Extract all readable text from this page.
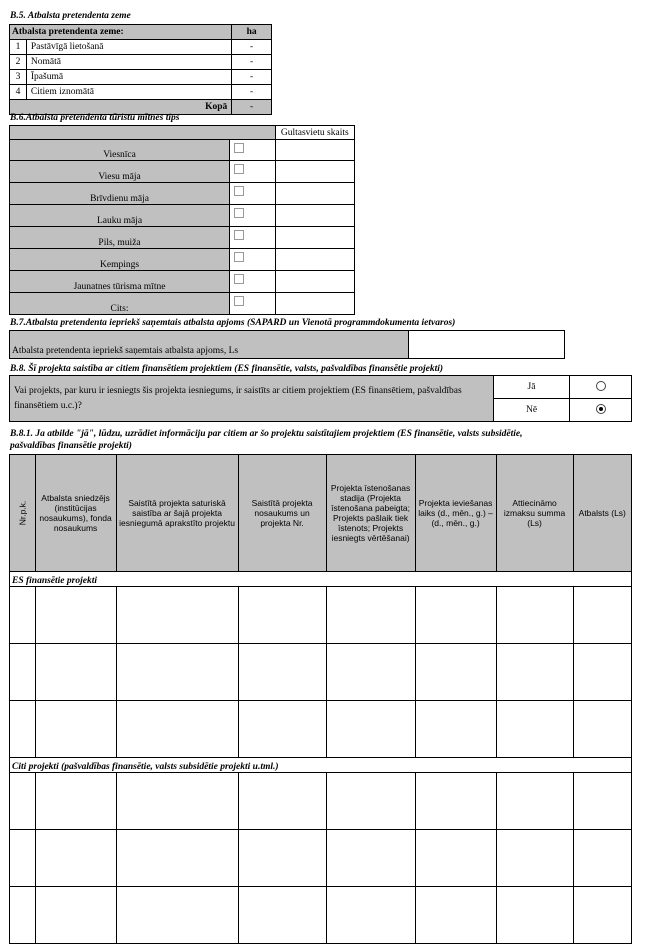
B.5. Atbalsta pretendenta zeme
Atbalsta pretendenta zeme:		ha
1	Pastāvīgā lietošanā	-
2	Nomātā	-
3	Īpašumā	-
4	Citiem iznomātā	-
Kopā		-
B.6.Atbalsta pretendenta tūristu mītnes tips
		Gultasvietu skaits
Viesnīca		
Viesu māja		
Brīvdienu māja		
Lauku māja		
Pils, muiža		
Kempings		
Jaunatnes tūrisma mītne		
Cits:		
B.7.Atbalsta pretendenta iepriekš saņemtais atbalsta apjoms (SAPARD un Vienotā programmdokumenta ietvaros)
Atbalsta pretendenta iepriekš saņemtais atbalsta apjoms, Ls	
B.8. Šī projekta saistība ar citiem finansētiem projektiem (ES finansētie, valsts, pašvaldības finansētie projekti)
Vai projekts, par kuru ir iesniegts šis projekta iesniegums, ir saistīts ar citiem projektiem (ES finansētiem, pašvaldības finansētiem u.c.)?	Jā	
	Nē	
B.8.1. Ja atbilde "jā", lūdzu, uzrādiet informāciju par citiem ar šo projektu saistītajiem projektiem (ES finansētie, valsts subsidētie,
pašvaldības finansētie projekti)
Nr.p.k.	Atbalsta sniedzējs (institūcijas nosaukums), fonda nosaukums	Saistītā projekta saturiskā saistība ar šajā projekta iesniegumā aprakstīto projektu	Saistītā projekta nosaukums un projekta Nr.	Projekta īstenošanas stadija (Projekta īstenošana pabeigta; Projekts pašlaik tiek īstenots; Projekts iesniegts vērtēšanai)	Projekta ieviešanas laiks (d., mēn., g.) – (d., mēn., g.)	Attiecināmo izmaksu summa (Ls)	Atbalsts (Ls)
ES finansētie projekti							

Citi projekti (pašvaldības finansētie, valsts subsidētie projekti u.tml.)							
